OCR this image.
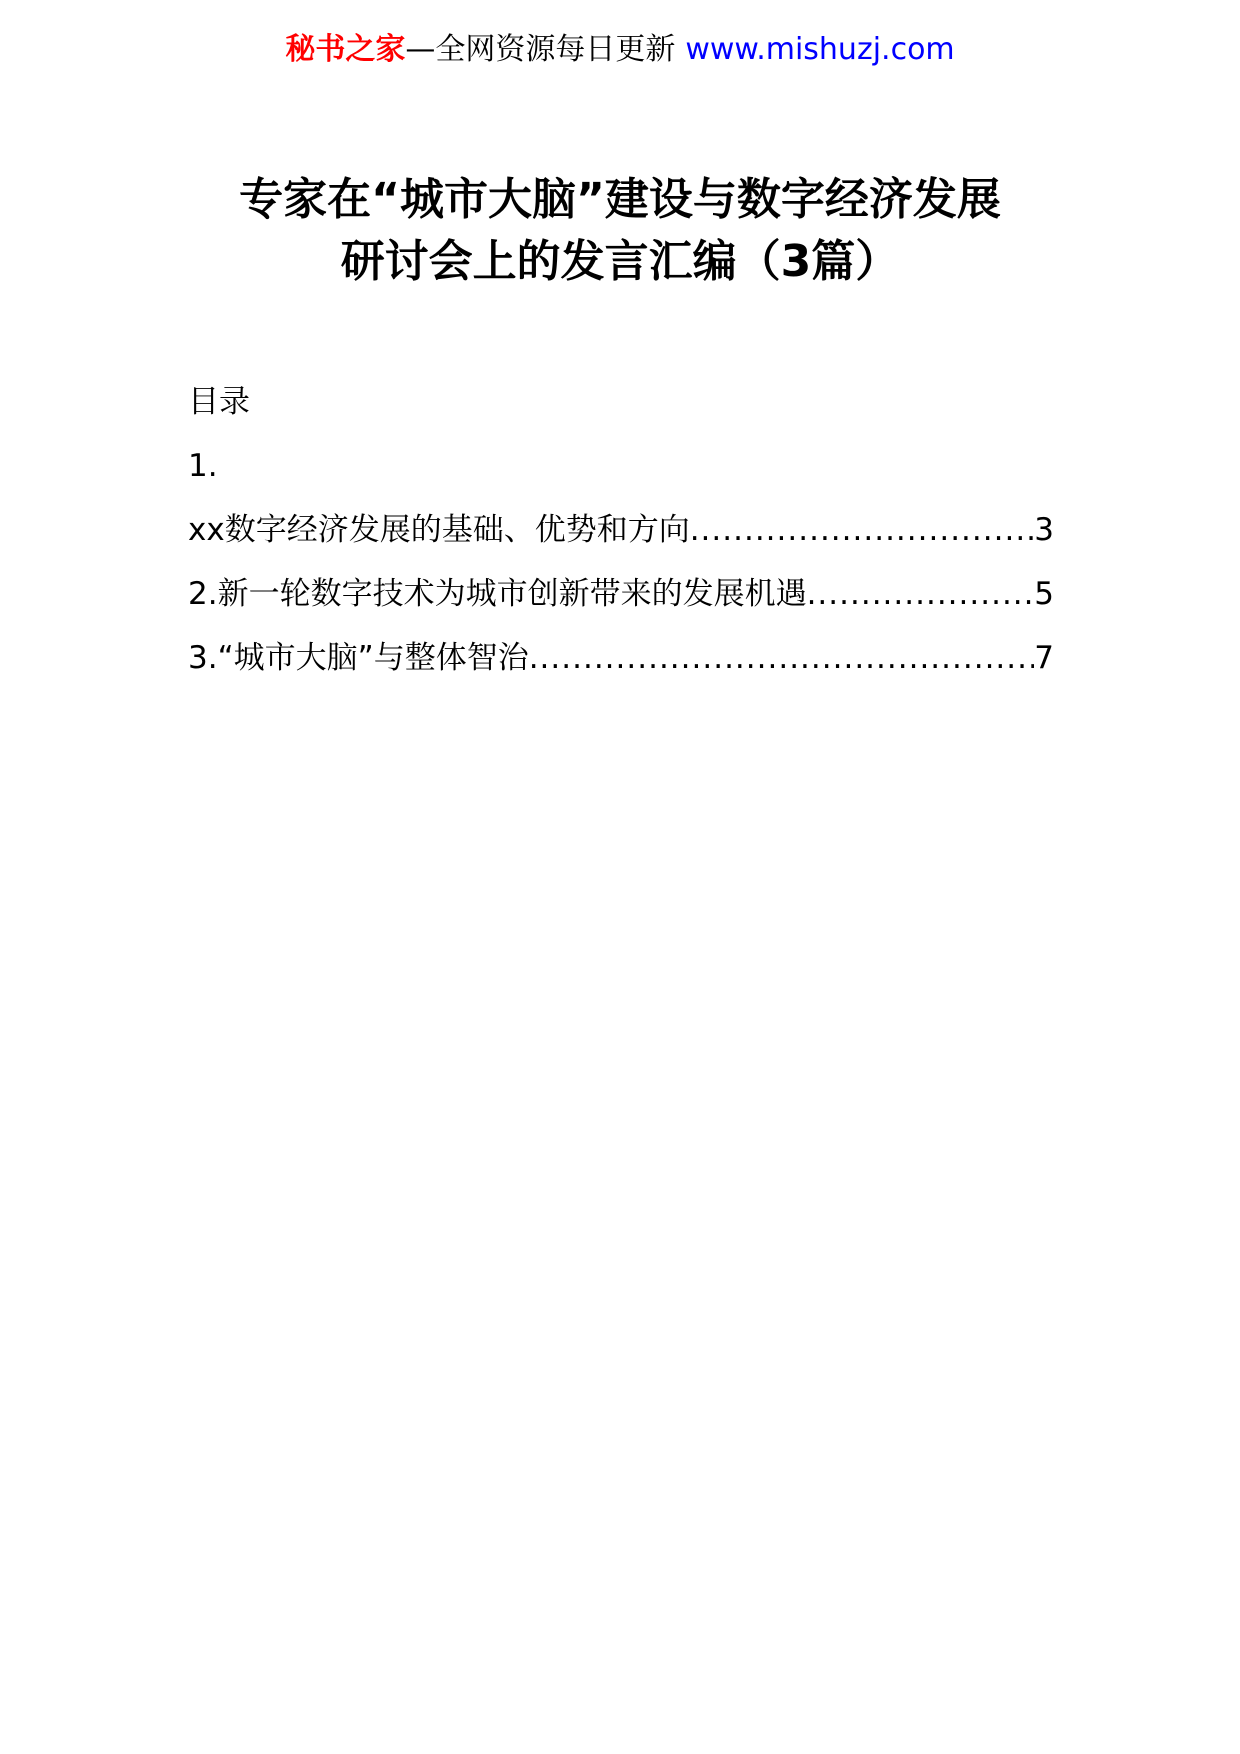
秘书之家—全网资源每日更新 www.mishuzj.com
专家在“城市大脑”建设与数字经济发展
研讨会上的发言汇编（3篇）
目录
1.
xx数字经济发展的基础、优势和方向 .....	3
2.新一轮数字技术为城市创新带来的发展机遇 .....	5
3.“城市大脑”与整体智治 .....	7
